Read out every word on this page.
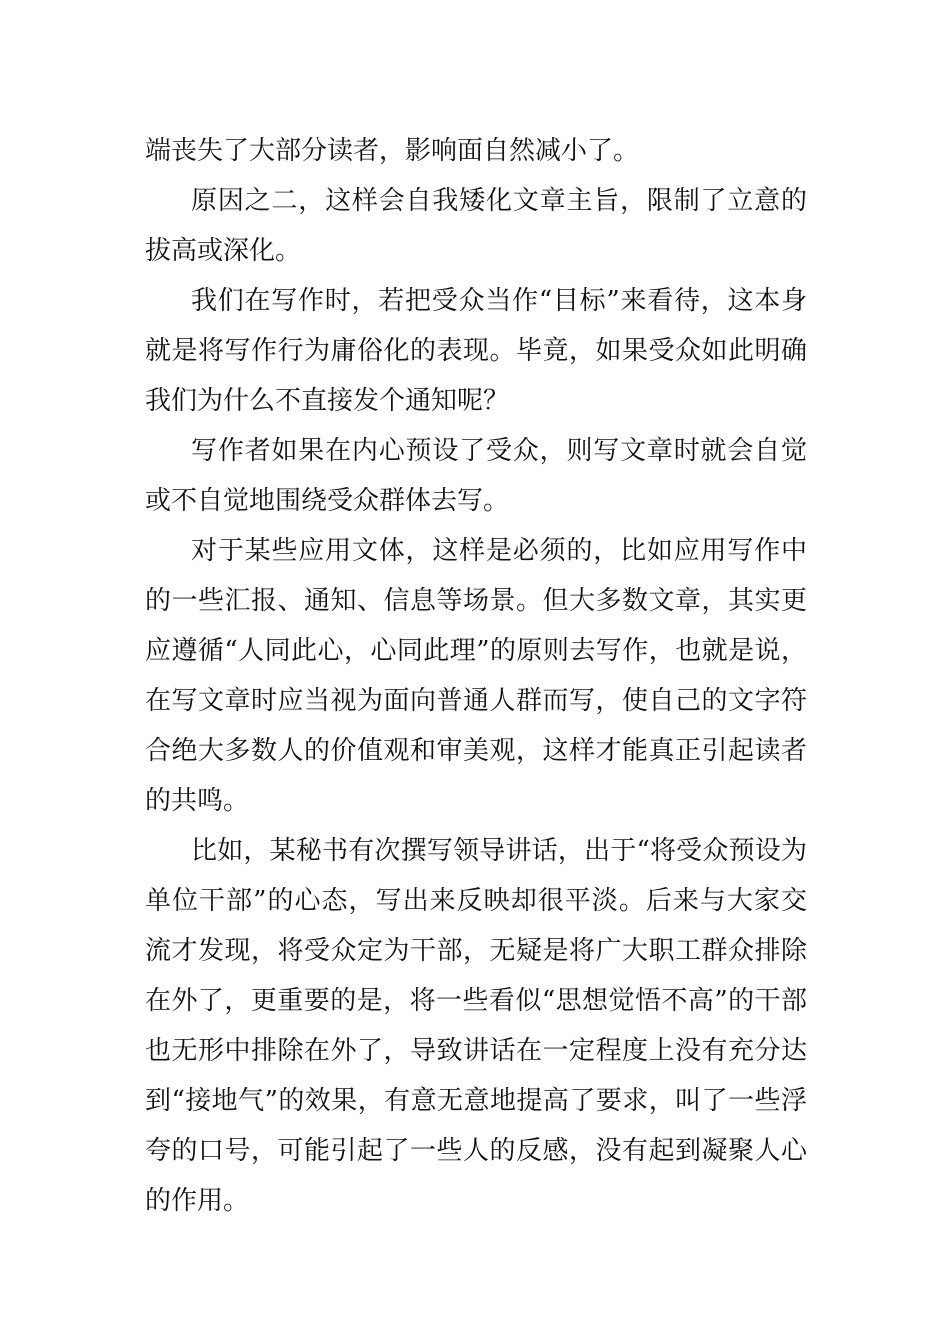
端丧失了大部分读者，影响面自然减小了。

原因之二，这样会自我矮化文章主旨，限制了立意的拔高或深化。

我们在写作时，若把受众当作“目标”来看待，这本身就是将写作行为庸俗化的表现。毕竟，如果受众如此明确我们为什么不直接发个通知呢？

写作者如果在内心预设了受众，则写文章时就会自觉或不自觉地围绕受众群体去写。

对于某些应用文体，这样是必须的，比如应用写作中的一些汇报、通知、信息等场景。但大多数文章，其实更应遵循“人同此心，心同此理”的原则去写作，也就是说，在写文章时应当视为面向普通人群而写，使自己的文字符合绝大多数人的价值观和审美观，这样才能真正引起读者的共鸣。

比如，某秘书有次撰写领导讲话，出于“将受众预设为单位干部”的心态，写出来反映却很平淡。后来与大家交流才发现，将受众定为干部，无疑是将广大职工群众排除在外了，更重要的是，将一些看似“思想觉悟不高”的干部也无形中排除在外了，导致讲话在一定程度上没有充分达到“接地气”的效果，有意无意地提高了要求，叫了一些浮夸的口号，可能引起了一些人的反感，没有起到凝聚人心的作用。
